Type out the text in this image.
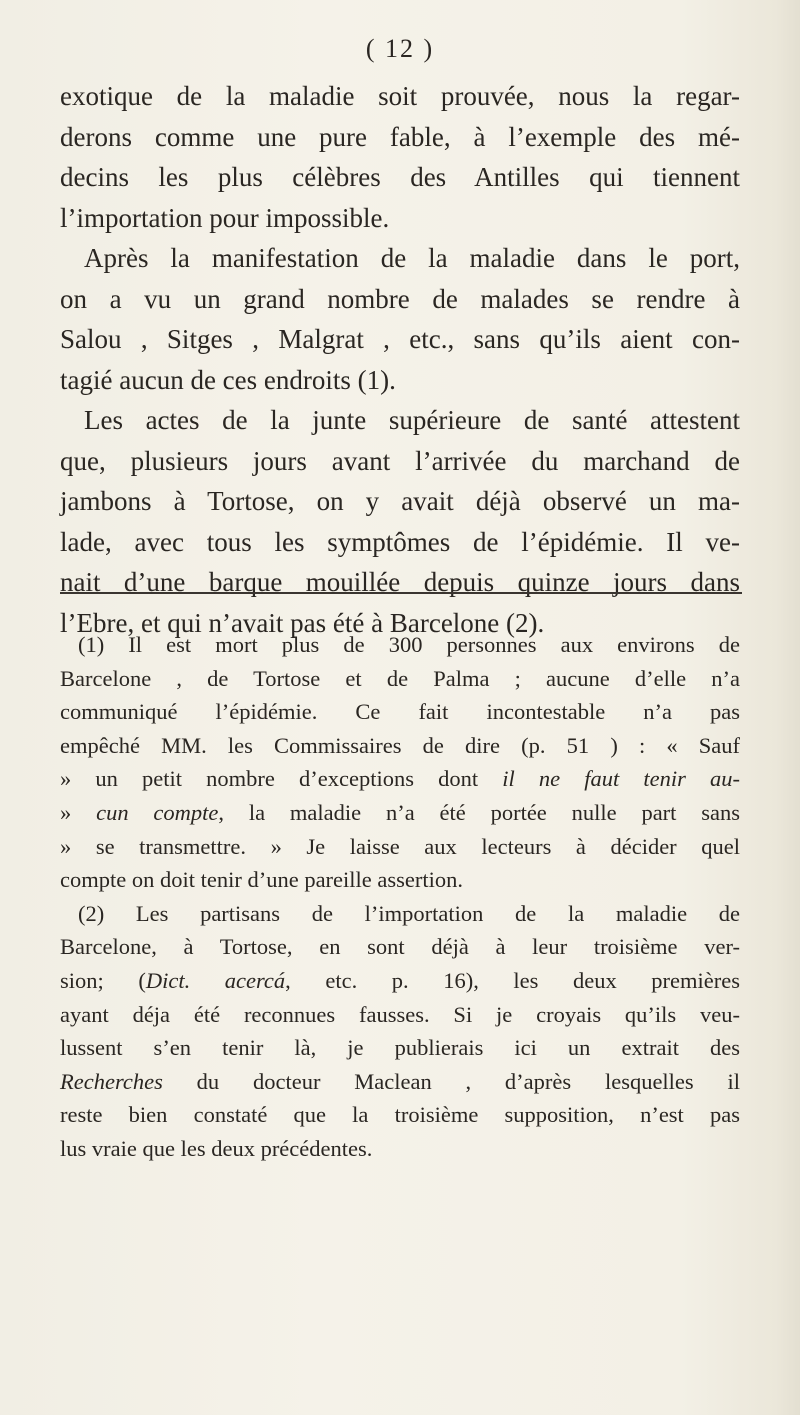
( 12 )
exotique de la maladie soit prouvée, nous la regar-
derons comme une pure fable, à l’exemple des mé-
decins les plus célèbres des Antilles qui tiennent
l’importation pour impossible.
Après la manifestation de la maladie dans le port,
on a vu un grand nombre de malades se rendre à
Salou , Sitges , Malgrat , etc., sans qu’ils aient con-
tagié aucun de ces endroits (1).
Les actes de la junte supérieure de santé attestent
que, plusieurs jours avant l’arrivée du marchand de
jambons à Tortose, on y avait déjà observé un ma-
lade, avec tous les symptômes de l’épidémie. Il ve-
nait d’une barque mouillée depuis quinze jours dans
l’Ebre, et qui n’avait pas été à Barcelone (2).
(1) Il est mort plus de 300 personnes aux environs de
Barcelone , de Tortose et de Palma ; aucune d’elle n’a
communiqué l’épidémie. Ce fait incontestable n’a pas
empêché MM. les Commissaires de dire (p. 51 ) : « Sauf
» un petit nombre d’exceptions dont il ne faut tenir au-
» cun compte, la maladie n’a été portée nulle part sans
» se transmettre. » Je laisse aux lecteurs à décider quel
compte on doit tenir d’une pareille assertion.
(2) Les partisans de l’importation de la maladie de
Barcelone, à Tortose, en sont déjà à leur troisième ver-
sion; (Dict. acercá, etc. p. 16), les deux premières
ayant déja été reconnues fausses. Si je croyais qu’ils veu-
lussent s’en tenir là, je publierais ici un extrait des
Recherches du docteur Maclean , d’après lesquelles il
reste bien constaté que la troisième supposition, n’est pas
lus vraie que les deux précédentes.
